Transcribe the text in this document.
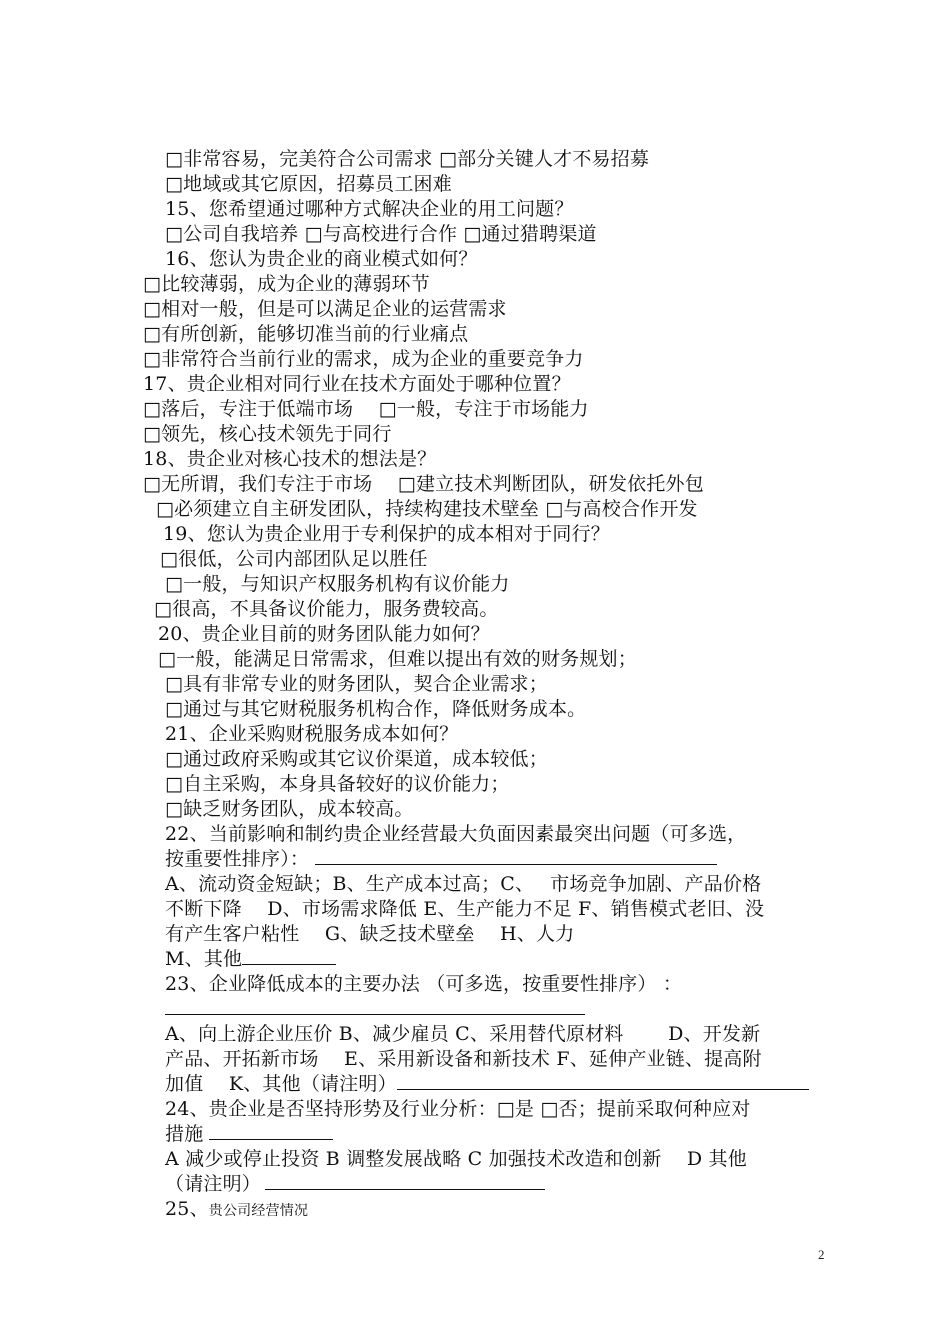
□非常容易，完美符合公司需求 □部分关键人才不易招募
□地域或其它原因，招募员工困难
15、您希望通过哪种方式解决企业的用工问题？
□公司自我培养 □与高校进行合作 □通过猎聘渠道
16、您认为贵企业的商业模式如何？
□比较薄弱，成为企业的薄弱环节
□相对一般，但是可以满足企业的运营需求
□有所创新，能够切准当前的行业痛点
□非常符合当前行业的需求，成为企业的重要竞争力
17、贵企业相对同行业在技术方面处于哪种位置？
□落后，专注于低端市场　 □一般，专注于市场能力
□领先，核心技术领先于同行
18、贵企业对核心技术的想法是？
□无所谓，我们专注于市场　 □建立技术判断团队，研发依托外包
□必须建立自主研发团队，持续构建技术壁垒 □与高校合作开发
19、您认为贵企业用于专利保护的成本相对于同行？
□很低，公司内部团队足以胜任
□一般，与知识产权服务机构有议价能力
□很高，不具备议价能力，服务费较高。
20、贵企业目前的财务团队能力如何？
□一般，能满足日常需求，但难以提出有效的财务规划；
□具有非常专业的财务团队，契合企业需求；
□通过与其它财税服务机构合作，降低财务成本。
21、企业采购财税服务成本如何？
□通过政府采购或其它议价渠道，成本较低；
□自主采购，本身具备较好的议价能力；
□缺乏财务团队，成本较高。
22、当前影响和制约贵企业经营最大负面因素最突出问题（可多选，
按重要性排序）：
A、流动资金短缺；B、生产成本过高；C、　 市场竞争加剧、产品价格
不断下降　 D、市场需求降低 E、生产能力不足 F、销售模式老旧、没
有产生客户粘性　 G、缺乏技术壁垒　 H、人力
M、其他
23、企业降低成本的主要办法 （可多选，按重要性排序） ：
A、向上游企业压价 B、减少雇员 C、采用替代原材料　　 D、开发新
产品、开拓新市场　 E、采用新设备和新技术 F、延伸产业链、提高附
加值　 K、其他（请注明）
24、贵企业是否坚持形势及行业分析：□是 □否；提前采取何种应对
措施
A 减少或停止投资 B 调整发展战略 C 加强技术改造和创新　 D 其他
（请注明）
25、贵公司经营情况
2
